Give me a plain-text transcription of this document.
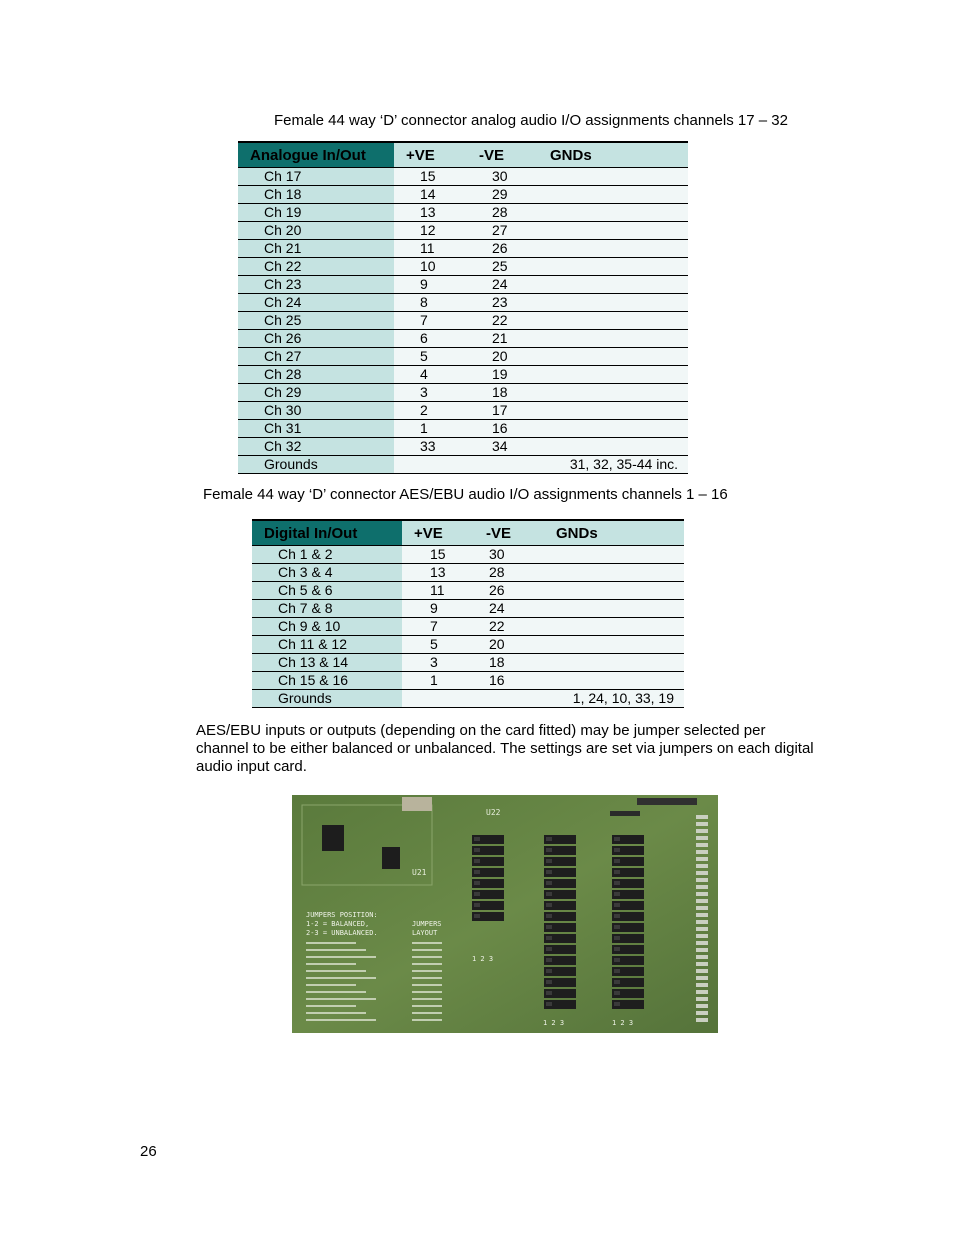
Female 44 way ‘D’ connector analog audio I/O assignments channels 17 – 32
Analogue In/Out	+VE	-VE	GNDs
Ch 17	15	30	
Ch 18	14	29	
Ch 19	13	28	
Ch 20	12	27	
Ch 21	11	26	
Ch 22	10	25	
Ch 23	9	24	
Ch 24	8	23	
Ch 25	7	22	
Ch 26	6	21	
Ch 27	5	20	
Ch 28	4	19	
Ch 29	3	18	
Ch 30	2	17	
Ch 31	1	16	
Ch 32	33	34	
Grounds			31, 32, 35-44 inc.
Female 44 way ‘D’ connector AES/EBU audio I/O assignments channels 1 – 16
Digital In/Out	+VE	-VE	GNDs
Ch 1 & 2	15	30	
Ch 3 & 4	13	28	
Ch 5 & 6	11	26	
Ch 7 & 8	9	24	
Ch 9 & 10	7	22	
Ch 11 & 12	5	20	
Ch 13 & 14	3	18	
Ch 15 & 16	1	16	
Grounds			1, 24, 10, 33, 19
AES/EBU inputs or outputs (depending on the card fitted) may be jumper selected per channel to be either balanced or unbalanced. The settings are set via jumpers on each digital audio input card.
U22
U21
JUMPERS POSITION:
1-2 = BALANCED,
2-3 = UNBALANCED.
JUMPERS
LAYOUT
1 2 3
1 2 3	1 2 3
26
